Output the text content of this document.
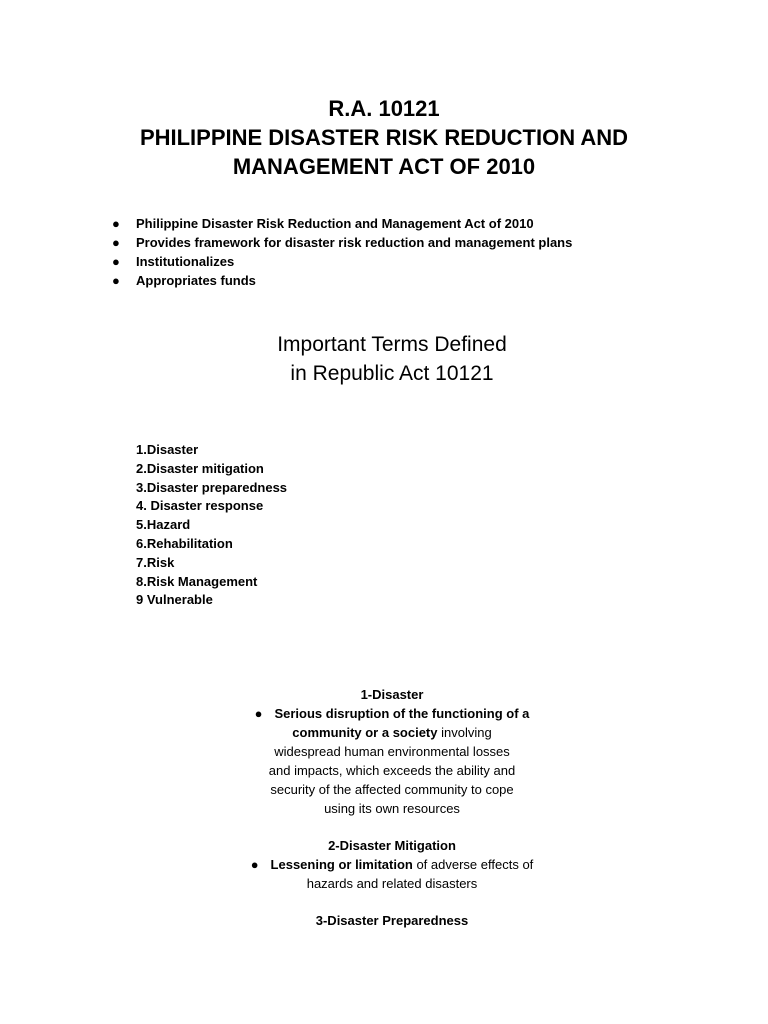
R.A. 10121
PHILIPPINE DISASTER RISK REDUCTION AND
MANAGEMENT ACT OF 2010
● Philippine Disaster Risk Reduction and Management Act of 2010
● Provides framework for disaster risk reduction and management plans
● Institutionalizes
● Appropriates funds
Important Terms Defined
in Republic Act 10121
1.Disaster
2.Disaster mitigation
3.Disaster preparedness
4. Disaster response
5.Hazard
6.Rehabilitation
7.Risk
8.Risk Management
9 Vulnerable
1-Disaster
● Serious disruption of the functioning of a
community or a society involving
widespread human environmental losses
and impacts, which exceeds the ability and
security of the affected community to cope
using its own resources
2-Disaster Mitigation
● Lessening or limitation of adverse effects of
hazards and related disasters
3-Disaster Preparedness
